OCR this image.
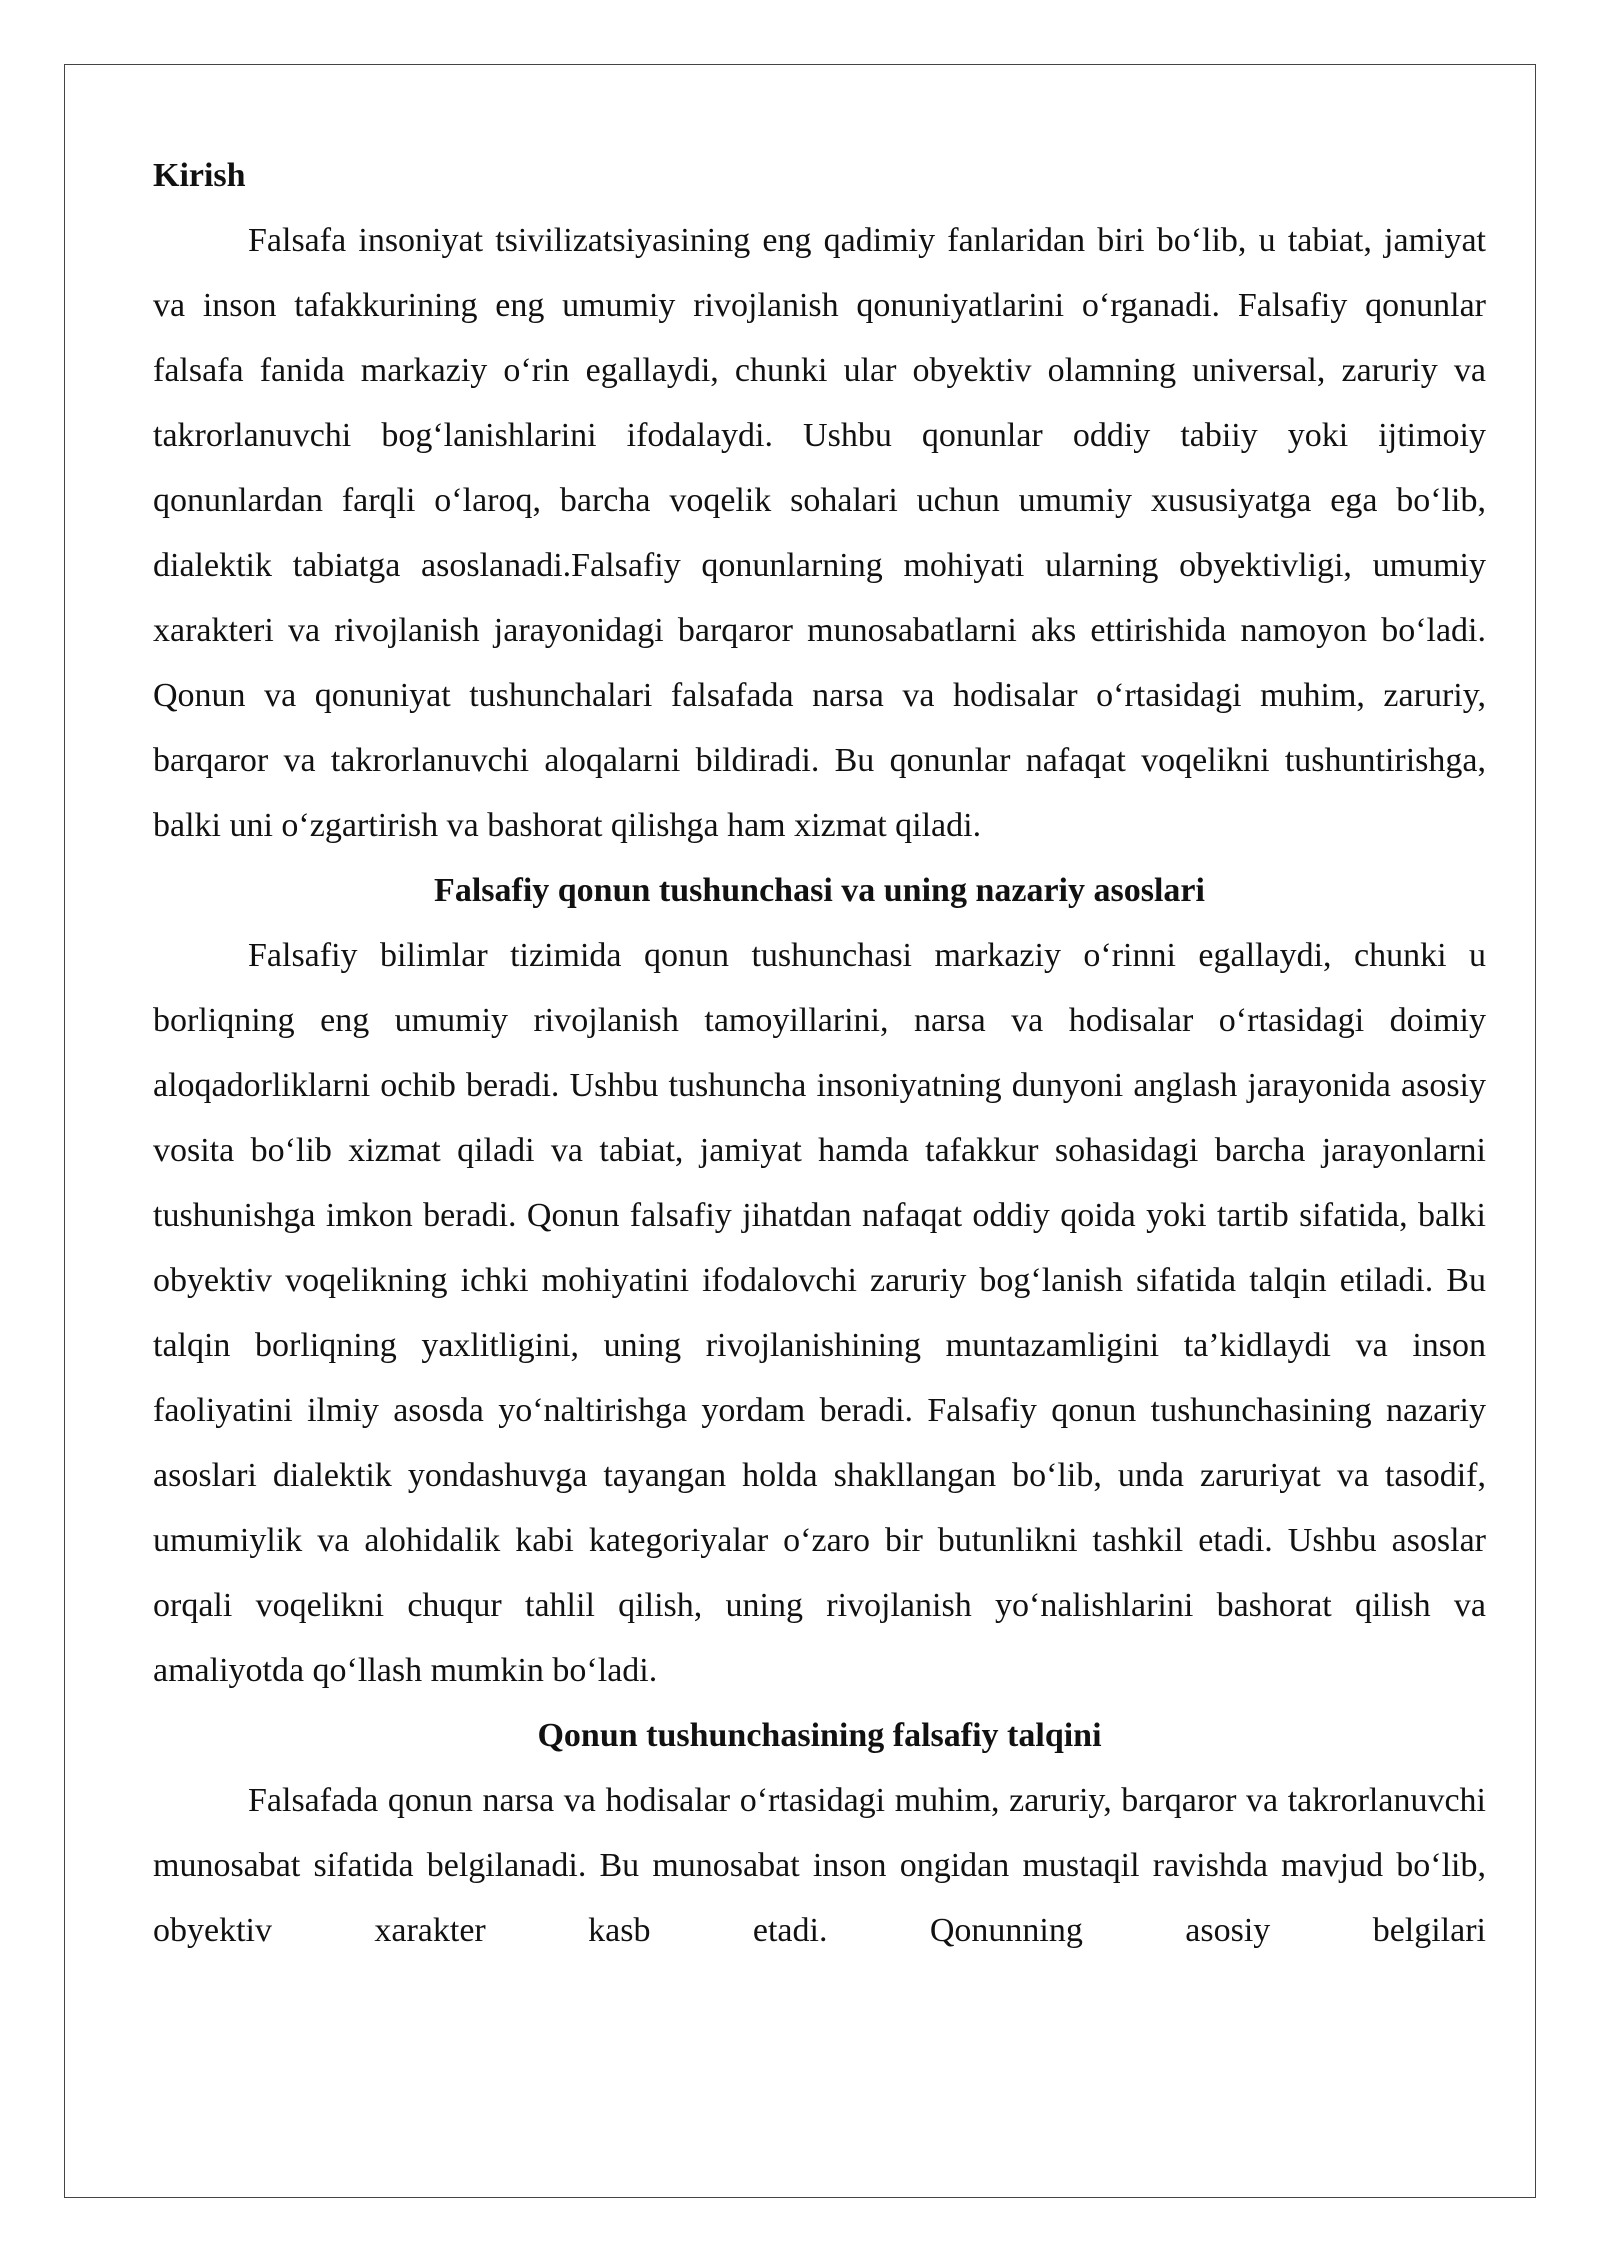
Kirish

Falsafa insoniyat tsivilizatsiyasining eng qadimiy fanlaridan biri bo‘lib, u tabiat, jamiyat va inson tafakkurining eng umumiy rivojlanish qonuniyatlarini o‘rganadi. Falsafiy qonunlar falsafa fanida markaziy o‘rin egallaydi, chunki ular obyektiv olamning universal, zaruriy va takrorlanuvchi bog‘lanishlarini ifodalaydi. Ushbu qonunlar oddiy tabiiy yoki ijtimoiy qonunlardan farqli o‘laroq, barcha voqelik sohalari uchun umumiy xususiyatga ega bo‘lib, dialektik tabiatga asoslanadi.Falsafiy qonunlarning mohiyati ularning obyektivligi, umumiy xarakteri va rivojlanish jarayonidagi barqaror munosabatlarni aks ettirishida namoyon bo‘ladi. Qonun va qonuniyat tushunchalari falsafada narsa va hodisalar o‘rtasidagi muhim, zaruriy, barqaror va takrorlanuvchi aloqalarni bildiradi. Bu qonunlar nafaqat voqelikni tushuntirishga, balki uni o‘zgartirish va bashorat qilishga ham xizmat qiladi.

Falsafiy qonun tushunchasi va uning nazariy asoslari

Falsafiy bilimlar tizimida qonun tushunchasi markaziy o‘rinni egallaydi, chunki u borliqning eng umumiy rivojlanish tamoyillarini, narsa va hodisalar o‘rtasidagi doimiy aloqadorliklarni ochib beradi. Ushbu tushuncha insoniyatning dunyoni anglash jarayonida asosiy vosita bo‘lib xizmat qiladi va tabiat, jamiyat hamda tafakkur sohasidagi barcha jarayonlarni tushunishga imkon beradi. Qonun falsafiy jihatdan nafaqat oddiy qoida yoki tartib sifatida, balki obyektiv voqelikning ichki mohiyatini ifodalovchi zaruriy bog‘lanish sifatida talqin etiladi. Bu talqin borliqning yaxlitligini, uning rivojlanishining muntazamligini ta’kidlaydi va inson faoliyatini ilmiy asosda yo‘naltirishga yordam beradi. Falsafiy qonun tushunchasining nazariy asoslari dialektik yondashuvga tayangan holda shakllangan bo‘lib, unda zaruriyat va tasodif, umumiylik va alohidalik kabi kategoriyalar o‘zaro bir butunlikni tashkil etadi. Ushbu asoslar orqali voqelikni chuqur tahlil qilish, uning rivojlanish yo‘nalishlarini bashorat qilish va amaliyotda qo‘llash mumkin bo‘ladi.

Qonun tushunchasining falsafiy talqini

Falsafada qonun narsa va hodisalar o‘rtasidagi muhim, zaruriy, barqaror va takrorlanuvchi munosabat sifatida belgilanadi. Bu munosabat inson ongidan mustaqil ravishda mavjud bo‘lib, obyektiv xarakter kasb etadi. Qonunning asosiy belgilari
